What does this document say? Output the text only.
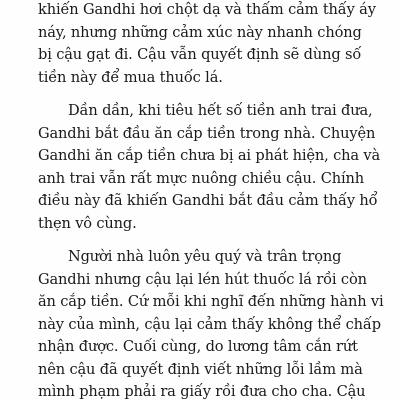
khiến Gandhi hơi chột dạ và thấm cảm thấy áy
náy, nhưng những cảm xúc này nhanh chóng
bị cậu gạt đi. Cậu vẫn quyết định sẽ dùng số
tiền này để mua thuốc lá.

Dần dần, khi tiêu hết số tiền anh trai đưa,
Gandhi bắt đầu ăn cắp tiền trong nhà. Chuyện
Gandhi ăn cắp tiền chưa bị ai phát hiện, cha và
anh trai vẫn rất mực nuông chiều cậu. Chính
điều này đã khiến Gandhi bắt đầu cảm thấy hổ
thẹn vô cùng.

Người nhà luôn yêu quý và trân trọng
Gandhi nhưng cậu lại lén hút thuốc lá rồi còn
ăn cắp tiền. Cứ mỗi khi nghĩ đến những hành vi
này của mình, cậu lại cảm thấy không thể chấp
nhận được. Cuối cùng, do lương tâm cắn rứt
nên cậu đã quyết định viết những lỗi lầm mà
mình phạm phải ra giấy rồi đưa cho cha. Cậu
